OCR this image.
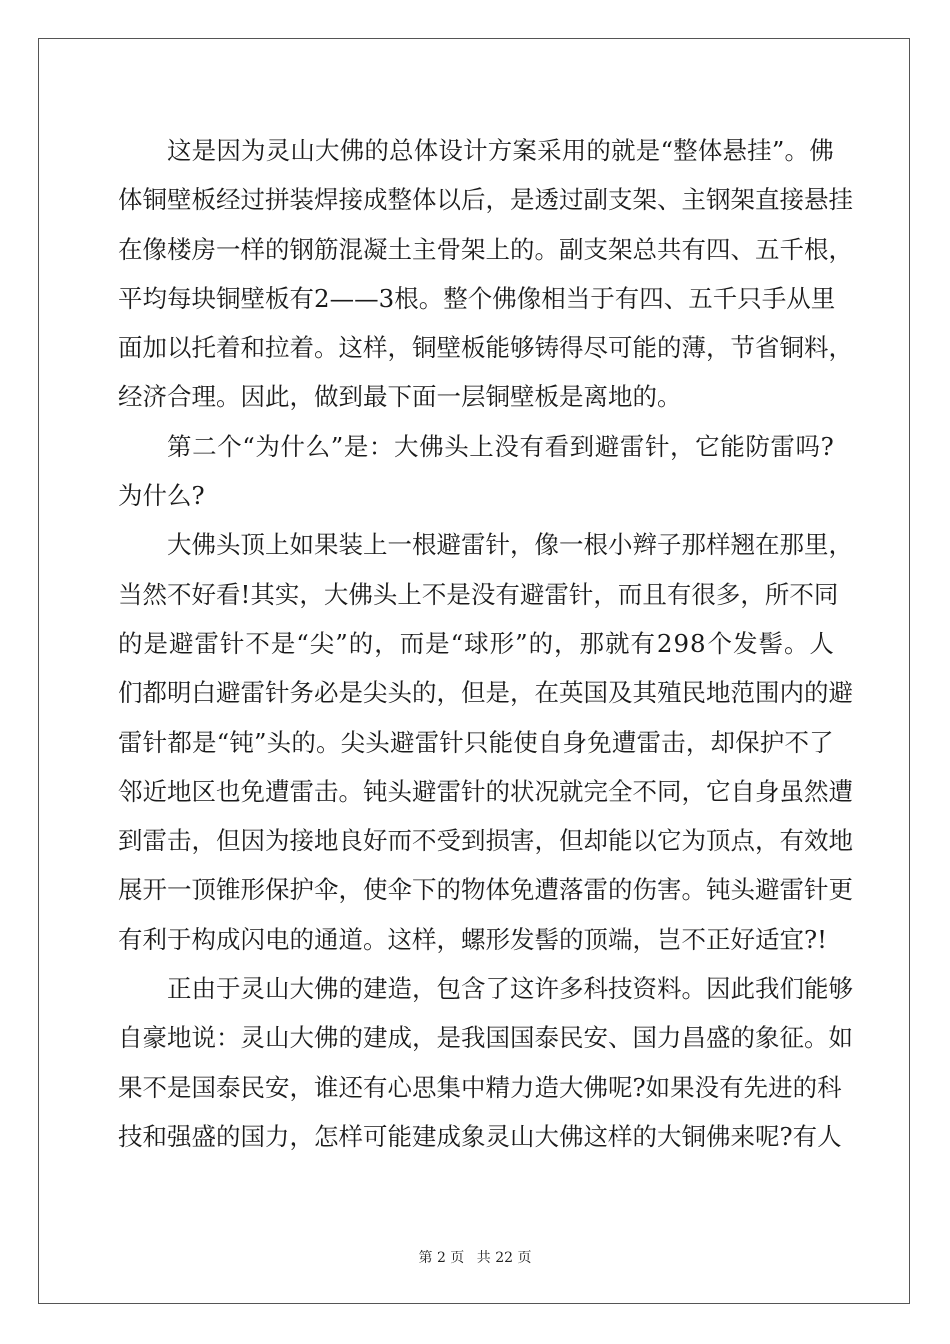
这 是 因 为 灵 山 大 佛 的 总 体 设 计 方 案 采 用 的 就 是 “ 整 体 悬 挂 ” 。 佛
体 铜 壁 板 经 过 拼 装 焊 接 成 整 体 以 后 ， 是 透 过 副 支 架 、 主 钢 架 直 接 悬 挂
在 像 楼 房 一 样 的 钢 筋 混 凝 土 主 骨 架 上 的 。 副 支 架 总 共 有 四 、 五 千 根 ，
平 均 每 块 铜 壁 板 有 2 — — 3 根 。 整 个 佛 像 相 当 于 有 四 、 五 千 只 手 从 里
面 加 以 托 着 和 拉 着 。 这 样 ， 铜 壁 板 能 够 铸 得 尽 可 能 的 薄 ， 节 省 铜 料 ，
经济合理。因此，做到最下面一层铜壁板是离地的。
第 二 个 “ 为 什 么 ” 是 ： 大 佛 头 上 没 有 看 到 避 雷 针 ， 它 能 防 雷 吗 ?
为什么?
大 佛 头 顶 上 如 果 装 上 一 根 避 雷 针 ， 像 一 根 小 辫 子 那 样 翘 在 那 里 ，
当 然 不 好 看 ! 其 实 ， 大 佛 头 上 不 是 没 有 避 雷 针 ， 而 且 有 很 多 ， 所 不 同
的 是 避 雷 针 不 是 “ 尖 ” 的 ， 而 是 “ 球 形 ” 的 ， 那 就 有 2 9 8 个 发 髻 。 人
们 都 明 白 避 雷 针 务 必 是 尖 头 的 ， 但 是 ， 在 英 国 及 其 殖 民 地 范 围 内 的 避
雷 针 都 是 “ 钝 ” 头 的 。 尖 头 避 雷 针 只 能 使 自 身 免 遭 雷 击 ， 却 保 护 不 了
邻 近 地 区 也 免 遭 雷 击 。 钝 头 避 雷 针 的 状 况 就 完 全 不 同 ， 它 自 身 虽 然 遭
到 雷 击 ， 但 因 为 接 地 良 好 而 不 受 到 损 害 ， 但 却 能 以 它 为 顶 点 ， 有 效 地
展 开 一 顶 锥 形 保 护 伞 ， 使 伞 下 的 物 体 免 遭 落 雷 的 伤 害 。 钝 头 避 雷 针 更
有利于构成闪电的通道。这样，螺形发髻的顶端，岂不正好适宜?!
正 由 于 灵 山 大 佛 的 建 造 ， 包 含 了 这 许 多 科 技 资 料 。 因 此 我 们 能 够
自 豪 地 说 ： 灵 山 大 佛 的 建 成 ， 是 我 国 国 泰 民 安 、 国 力 昌 盛 的 象 征 。 如
果 不 是 国 泰 民 安 ， 谁 还 有 心 思 集 中 精 力 造 大 佛 呢 ? 如 果 没 有 先 进 的 科
技 和 强 盛 的 国 力 ， 怎 样 可 能 建 成 象 灵 山 大 佛 这 样 的 大 铜 佛 来 呢 ? 有 人
第 2 页 共 22 页
